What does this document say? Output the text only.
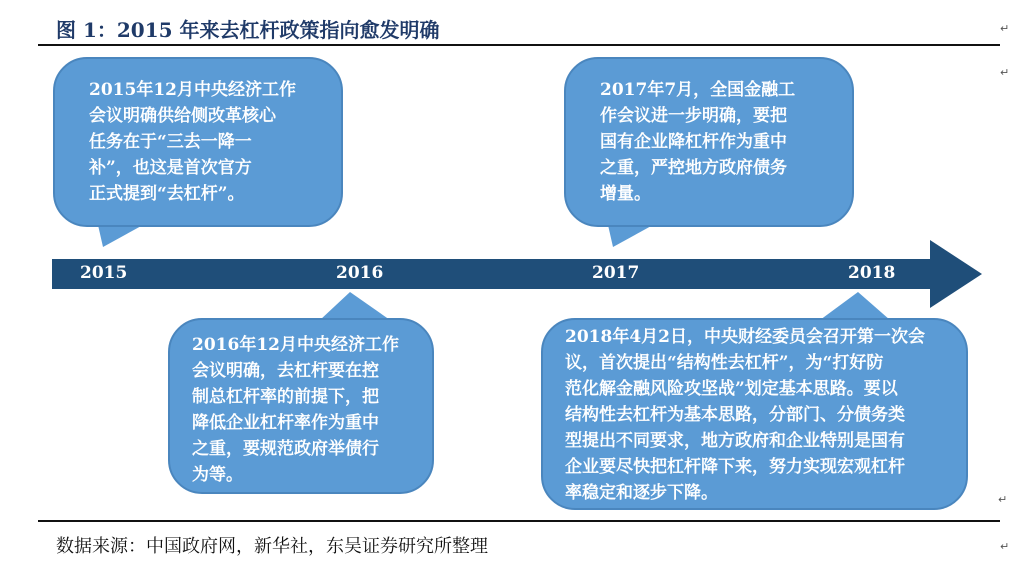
图 1：2015 年来去杠杆政策指向愈发明确	↵
↵
2015	2016	2017	2018
2015年12月中央经济工作
会议明确供给侧改革核心
任务在于“三去一降一
补”，也这是首次官方
正式提到“去杠杆”。
2017年7月，全国金融工
作会议进一步明确，要把
国有企业降杠杆作为重中
之重，严控地方政府债务
增量。
2016年12月中央经济工作
会议明确，去杠杆要在控
制总杠杆率的前提下，把
降低企业杠杆率作为重中
之重，要规范政府举债行
为等。
2018年4月2日，中央财经委员会召开第一次会
议，首次提出“结构性去杠杆”，为“打好防
范化解金融风险攻坚战”划定基本思路。要以
结构性去杠杆为基本思路，分部门、分债务类
型提出不同要求，地方政府和企业特别是国有
企业要尽快把杠杆降下来，努力实现宏观杠杆
率稳定和逐步下降。	↵
数据来源：中国政府网，新华社，东吴证券研究所整理	↵
